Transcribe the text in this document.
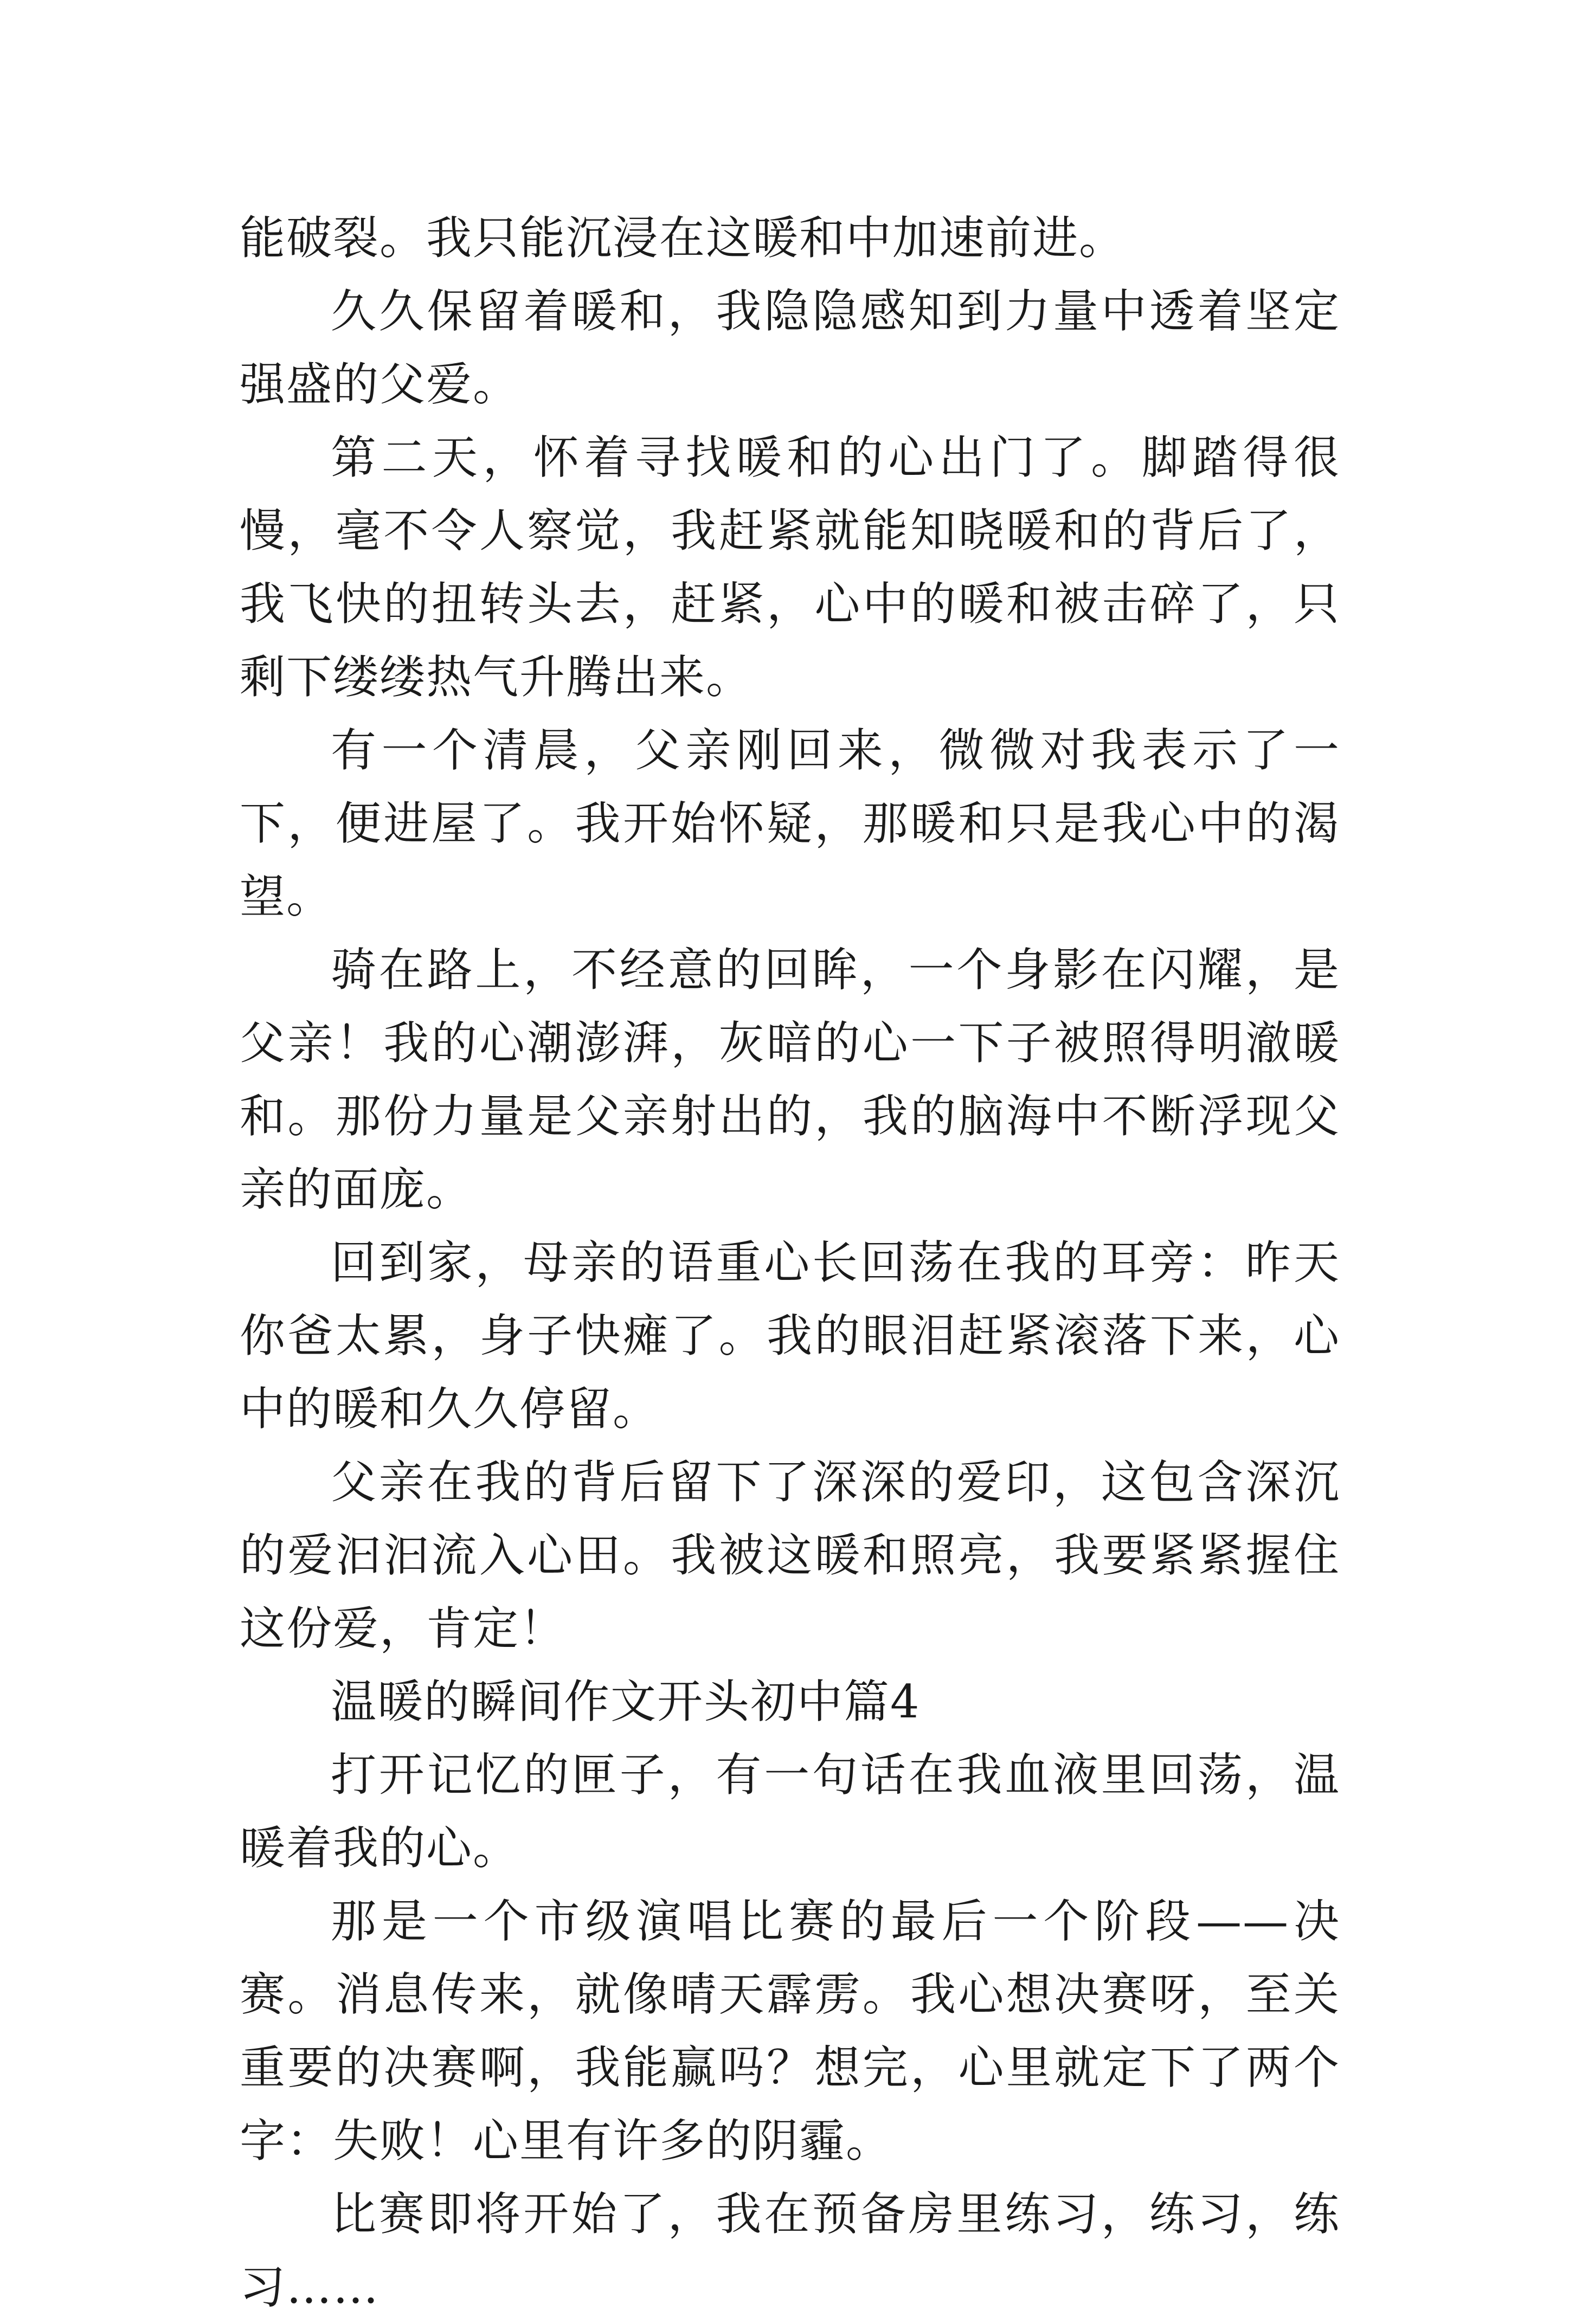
能破裂。我只能沉浸在这暖和中加速前进。

久久保留着暖和，我隐隐感知到力量中透着坚定强盛的父爱。

第二天，怀着寻找暖和的心出门了。脚踏得很慢，毫不令人察觉，我赶紧就能知晓暖和的背后了，我飞快的扭转头去，赶紧，心中的暖和被击碎了，只剩下缕缕热气升腾出来。

有一个清晨，父亲刚回来，微微对我表示了一下，便进屋了。我开始怀疑，那暖和只是我心中的渴望。

骑在路上，不经意的回眸，一个身影在闪耀，是父亲！我的心潮澎湃，灰暗的心一下子被照得明澈暖和。那份力量是父亲射出的，我的脑海中不断浮现父亲的面庞。

回到家，母亲的语重心长回荡在我的耳旁：昨天你爸太累，身子快瘫了。我的眼泪赶紧滚落下来，心中的暖和久久停留。

父亲在我的背后留下了深深的爱印，这包含深沉的爱汩汩流入心田。我被这暖和照亮，我要紧紧握住这份爱，肯定！

温暖的瞬间作文开头初中篇4

打开记忆的匣子，有一句话在我血液里回荡，温暖着我的心。

那是一个市级演唱比赛的最后一个阶段——决赛。消息传来，就像晴天霹雳。我心想决赛呀，至关重要的决赛啊，我能赢吗？想完，心里就定下了两个字：失败！心里有许多的阴霾。

比赛即将开始了，我在预备房里练习，练习，练习……
